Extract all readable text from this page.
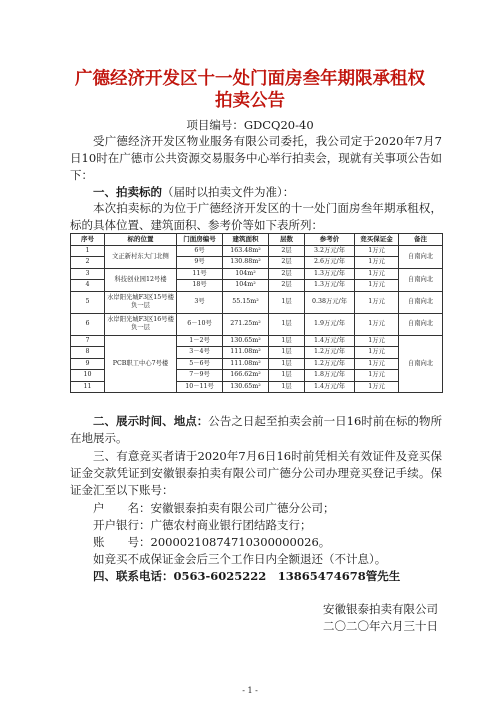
广德经济开发区十一处门面房叁年期限承租权
拍卖公告
项目编号：GDCQ20-40
受广德经济开发区物业服务有限公司委托，我公司定于2020年7月7日10时在广德市公共资源交易服务中心举行拍卖会，现就有关事项公告如下：
一、拍卖标的（届时以拍卖文件为准）：
本次拍卖标的为位于广德经济开发区的十一处门面房叁年期承租权，标的具体位置、建筑面积、参考价等如下表所列：
序号	标的位置	门面房编号	建筑面积	层数	参考价	竞买保证金	备注
1	文正新村东大门北侧	6号	163.48m²	2层	3.2万元/年	1万元	自南向北
2		9号	130.88m²	2层	2.6万元/年	1万元	
3	科技创业园12号楼	11号	104m²	2层	1.3万元/年	1万元	自南向北
4		18号	104m²	2层	1.3万元/年	1万元	
5	水岸阳光城F3区15号楼负一层	3号	55.15m²	1层	0.38万元/年	1万元	自南向北
6	水岸阳光城F3区16号楼负一层	6－10号	271.25m²	1层	1.9万元/年	1万元	自南向北
7	PCB职工中心7号楼	1－2号	130.65m²	1层	1.4万元/年	1万元	自南向北
8		3－4号	111.08m²	1层	1.2万元/年	1万元	
9		5－6号	111.08m²	1层	1.2万元/年	1万元	
10		7－9号	166.62m²	1层	1.8万元/年	1万元	
11		10－11号	130.65m²	1层	1.4万元/年	1万元	
二、展示时间、地点：公告之日起至拍卖会前一日16时前在标的物所在地展示。
三、有意竞买者请于2020年7月6日16时前凭相关有效证件及竞买保证金交款凭证到安徽银泰拍卖有限公司广德分公司办理竞买登记手续。保证金汇至以下账号：
户　　名：安徽银泰拍卖有限公司广德分公司；
开户银行：广德农村商业银行团结路支行；
账　　号：20000210874710300000026。
如竞买不成保证金会后三个工作日内全额退还（不计息）。
四、联系电话：0563-6025222　13865474678管先生
安徽银泰拍卖有限公司
二〇二〇年六月三十日
- 1 -
